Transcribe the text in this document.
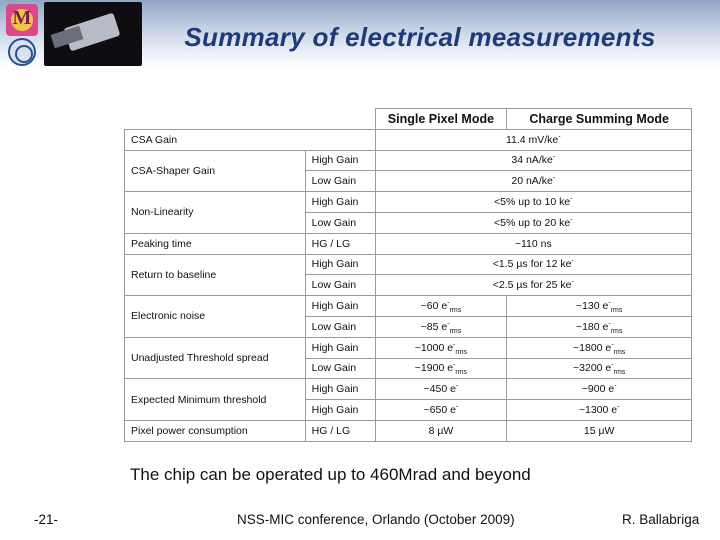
M
Summary of electrical measurements
		Single Pixel Mode	Charge Summing Mode
CSA Gain		11.4 mV/ke-
CSA-Shaper Gain	High Gain	34 nA/ke-
	Low Gain	20 nA/ke-
Non-Linearity	High Gain	<5% up to 10 ke-
	Low Gain	<5% up to 20 ke-
Peaking time	HG / LG	~110 ns	
Return to baseline	High Gain	<1.5 µs for 12 ke-
	Low Gain	<2.5 µs for 25 ke-
Electronic noise	High Gain	~60 $e^-_{rms}$	~130 $e^-_{rms}$
	Low Gain	~85 $e^-_{rms}$	~180 $e^-_{rms}$
Unadjusted Threshold spread	High Gain	~1000 $e^-_{rms}$	~1800 $e^-_{rms}$
	Low Gain	~1900 $e^-_{rms}$	~3200 $e^-_{rms}$
Expected Minimum threshold	High Gain	~450 e-	~900 e-
	High Gain	~650 e-	~1300 e-
Pixel power consumption	HG / LG	8 µW	15 µW
The chip can be operated up to 460Mrad and beyond
-21-	NSS-MIC conference, Orlando (October 2009)	R. Ballabriga
